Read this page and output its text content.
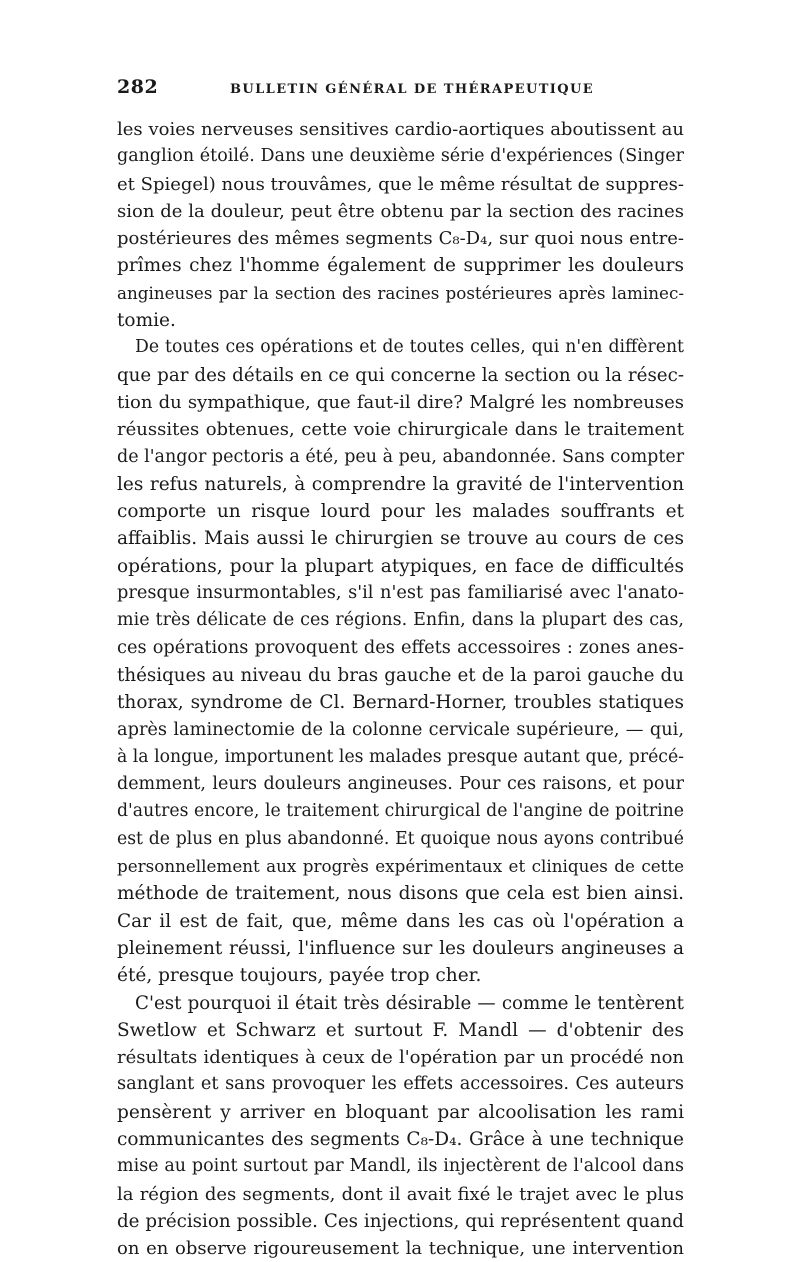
282	BULLETIN GÉNÉRAL DE THÉRAPEUTIQUE
les voies nerveuses sensitives cardio-aortiques aboutissent au
ganglion étoilé. Dans une deuxième série d'expériences (Singer
et Spiegel) nous trouvâmes, que le même résultat de suppres-
sion de la douleur, peut être obtenu par la section des racines
postérieures des mêmes segments C₈-D₄, sur quoi nous entre-
prîmes chez l'homme également de supprimer les douleurs
angineuses par la section des racines postérieures après laminec-
tomie.
De toutes ces opérations et de toutes celles, qui n'en diffèrent
que par des détails en ce qui concerne la section ou la résec-
tion du sympathique, que faut-il dire? Malgré les nombreuses
réussites obtenues, cette voie chirurgicale dans le traitement
de l'angor pectoris a été, peu à peu, abandonnée. Sans compter
les refus naturels, à comprendre la gravité de l'intervention
comporte un risque lourd pour les malades souffrants et
affaiblis. Mais aussi le chirurgien se trouve au cours de ces
opérations, pour la plupart atypiques, en face de difficultés
presque insurmontables, s'il n'est pas familiarisé avec l'anato-
mie très délicate de ces régions. Enfin, dans la plupart des cas,
ces opérations provoquent des effets accessoires : zones anes-
thésiques au niveau du bras gauche et de la paroi gauche du
thorax, syndrome de Cl. Bernard-Horner, troubles statiques
après laminectomie de la colonne cervicale supérieure, — qui,
à la longue, importunent les malades presque autant que, précé-
demment, leurs douleurs angineuses. Pour ces raisons, et pour
d'autres encore, le traitement chirurgical de l'angine de poitrine
est de plus en plus abandonné. Et quoique nous ayons contribué
personnellement aux progrès expérimentaux et cliniques de cette
méthode de traitement, nous disons que cela est bien ainsi.
Car il est de fait, que, même dans les cas où l'opération a
pleinement réussi, l'influence sur les douleurs angineuses a
été, presque toujours, payée trop cher.
C'est pourquoi il était très désirable — comme le tentèrent
Swetlow et Schwarz et surtout F. Mandl — d'obtenir des
résultats identiques à ceux de l'opération par un procédé non
sanglant et sans provoquer les effets accessoires. Ces auteurs
pensèrent y arriver en bloquant par alcoolisation les rami
communicantes des segments C₈-D₄. Grâce à une technique
mise au point surtout par Mandl, ils injectèrent de l'alcool dans
la région des segments, dont il avait fixé le trajet avec le plus
de précision possible. Ces injections, qui représentent quand
on en observe rigoureusement la technique, une intervention
